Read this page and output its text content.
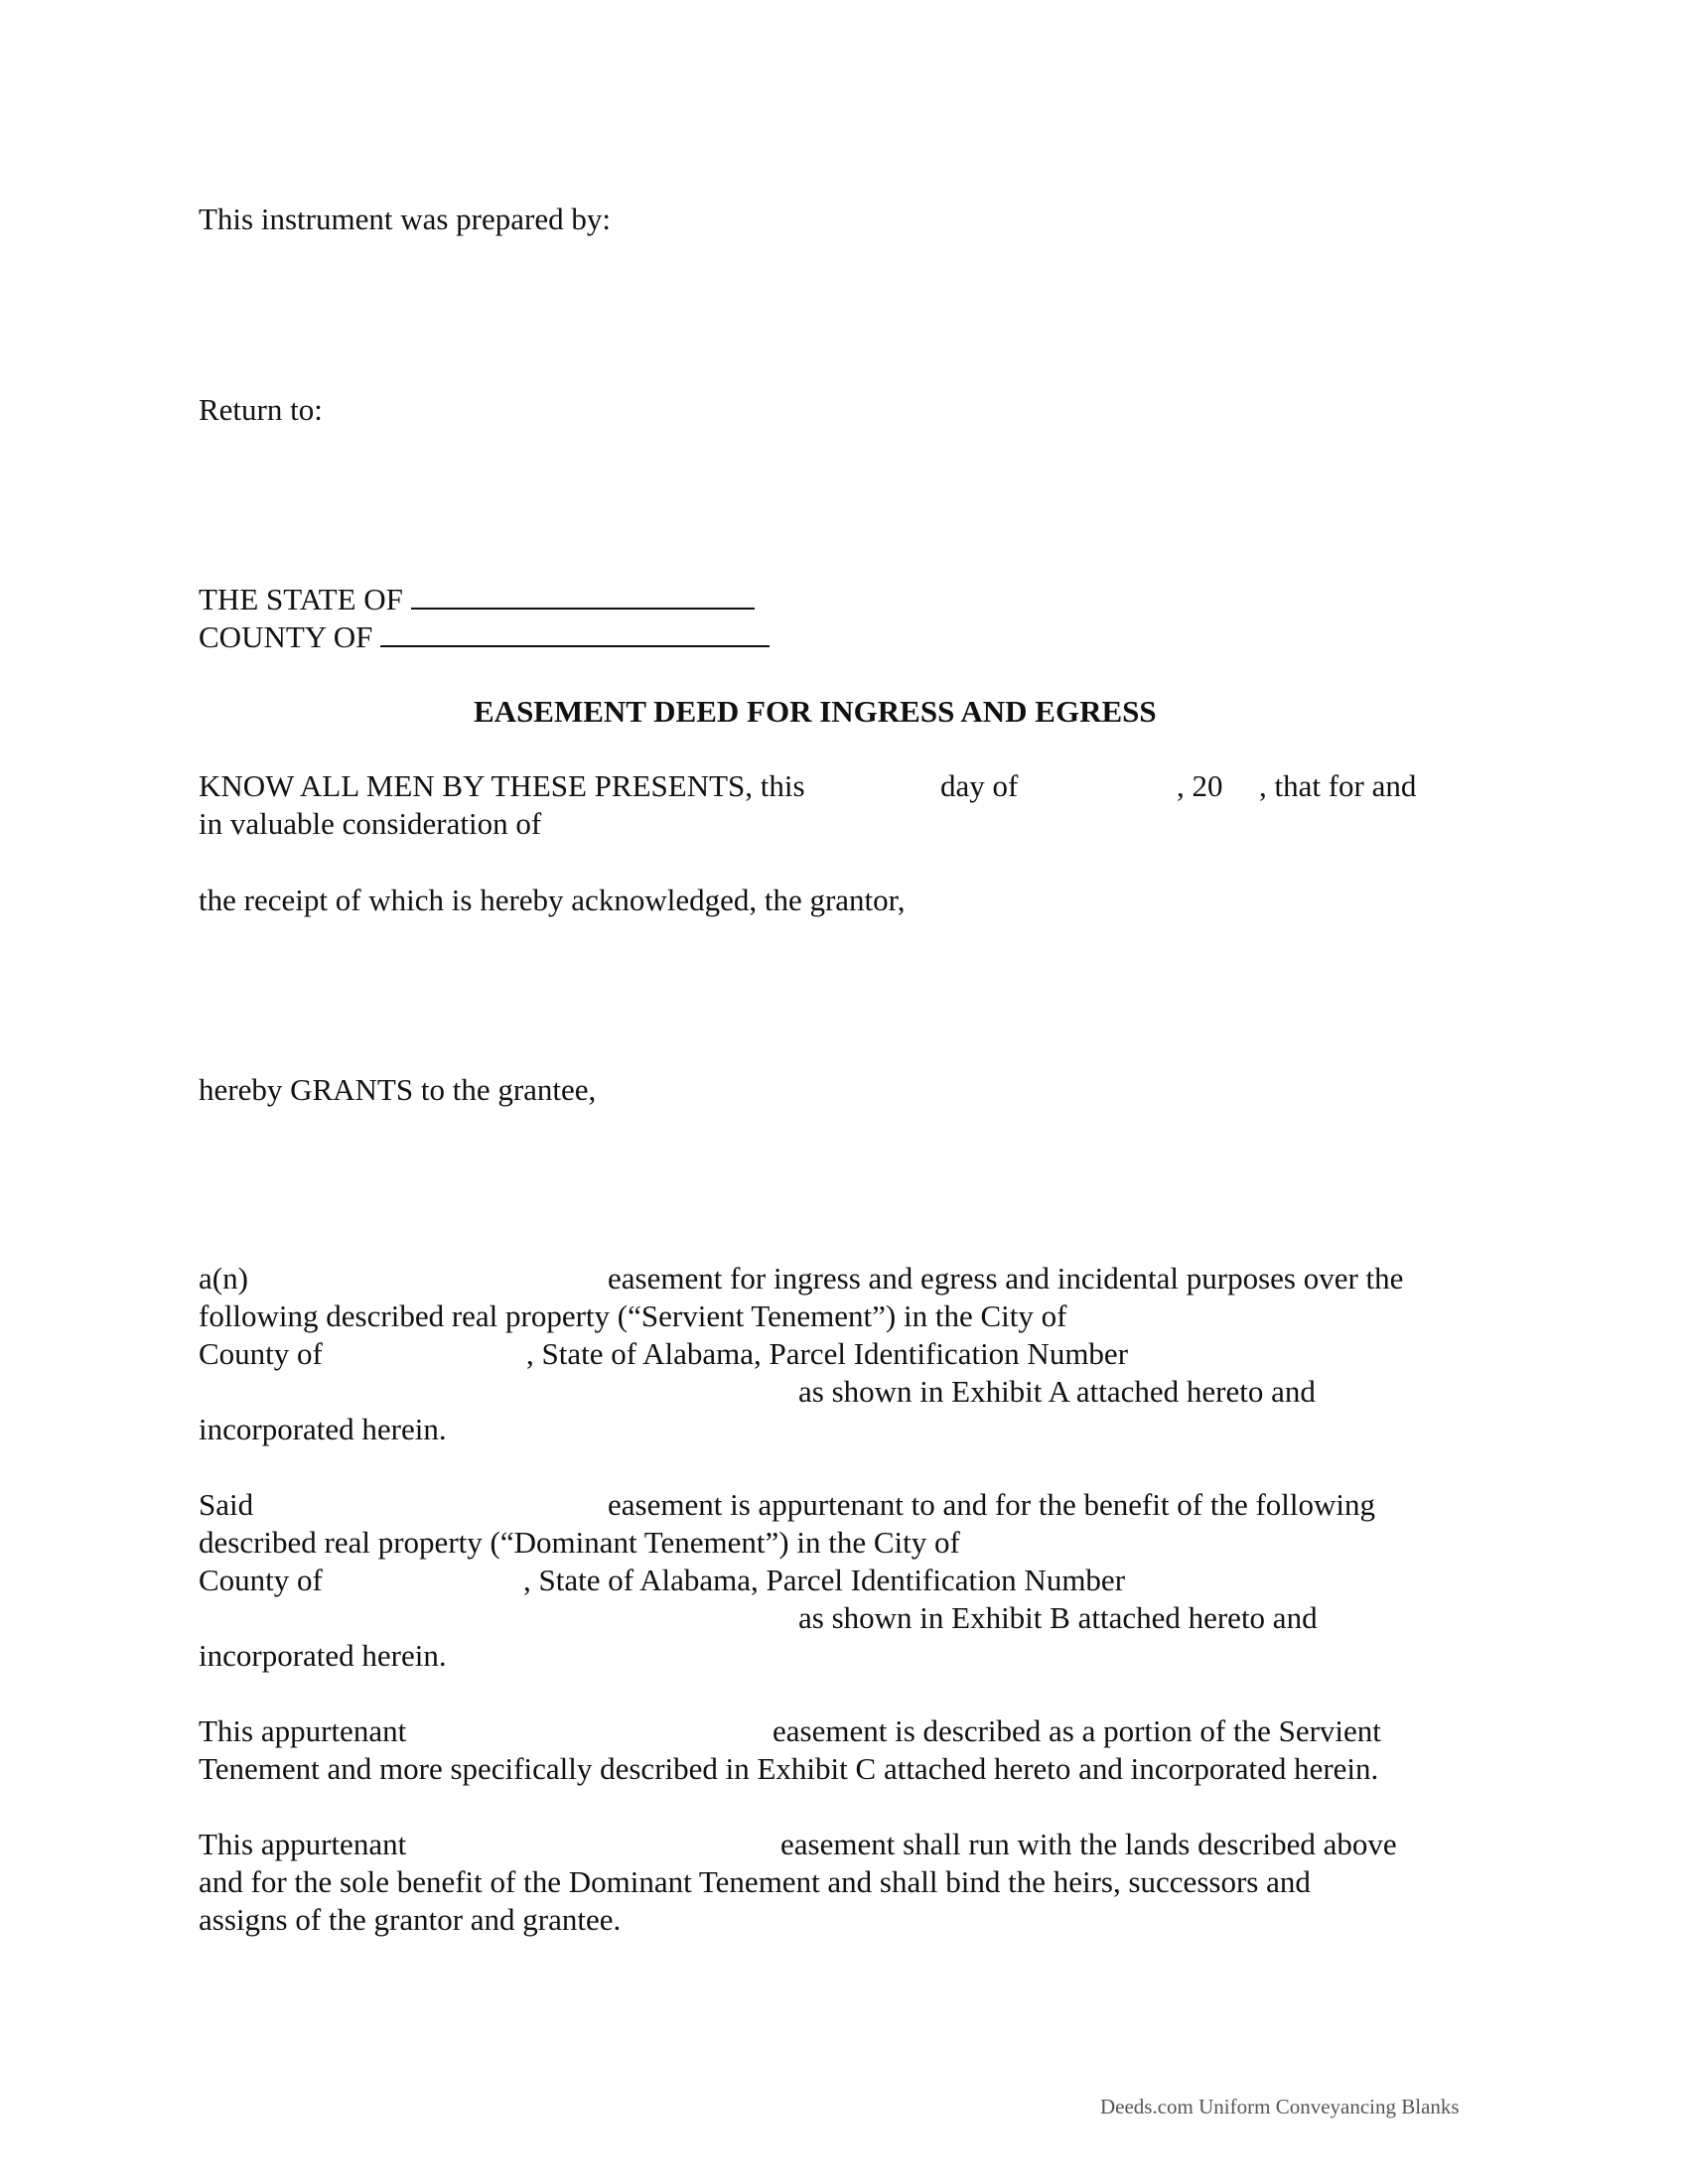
This instrument was prepared by:
Return to:
THE STATE OF
COUNTY OF
EASEMENT DEED FOR INGRESS AND EGRESS
KNOW ALL MEN BY THESE PRESENTS, this	day of	, 20 , that for and
in valuable consideration of
the receipt of which is hereby acknowledged, the grantor,
hereby GRANTS to the grantee,
a(n)	easement for ingress and egress and incidental purposes over the
following described real property (“Servient Tenement”) in the City of
County of	, State of Alabama, Parcel Identification Number
as shown in Exhibit A attached hereto and
incorporated herein.
Said	easement is appurtenant to and for the benefit of the following
described real property (“Dominant Tenement”) in the City of
County of	, State of Alabama, Parcel Identification Number
as shown in Exhibit B attached hereto and
incorporated herein.
This appurtenant	easement is described as a portion of the Servient
Tenement and more specifically described in Exhibit C attached hereto and incorporated herein.
This appurtenant	easement shall run with the lands described above
and for the sole benefit of the Dominant Tenement and shall bind the heirs, successors and
assigns of the grantor and grantee.
Deeds.com Uniform Conveyancing Blanks
